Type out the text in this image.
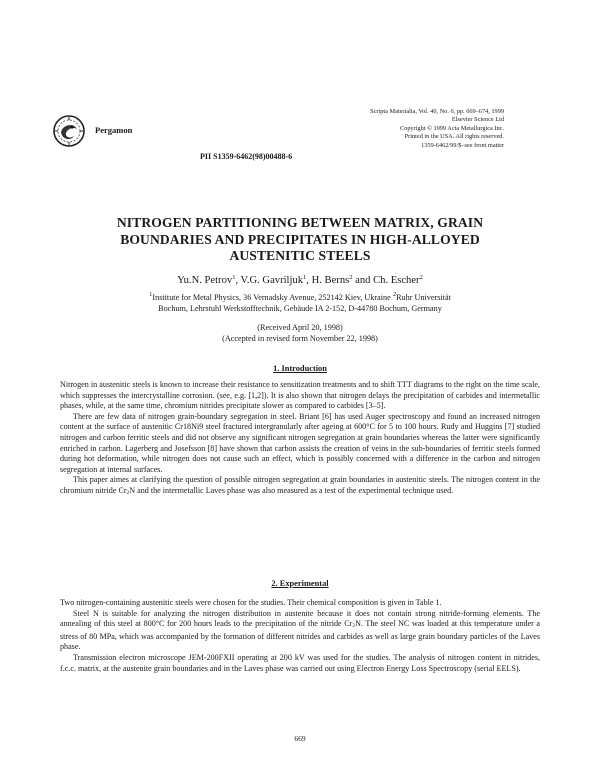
Pergamon
Scripta Materialia, Vol. 40, No. 6, pp. 669–674, 1999
Elsevier Science Ltd
Copyright © 1999 Acta Metallurgica Inc.
Printed in the USA. All rights reserved.
1359-6462/99/$–see front matter
PII S1359-6462(98)00488-6
NITROGEN PARTITIONING BETWEEN MATRIX, GRAIN
BOUNDARIES AND PRECIPITATES IN HIGH-ALLOYED
AUSTENITIC STEELS
Yu.N. Petrov$^1$, V.G. Gavriljuk$^1$, H. Berns$^2$ and Ch. Escher$^2$
$^1$Institute for Metal Physics, 36 Vernadsky Avenue, 252142 Kiev, Ukraine $^2$Ruhr Universität
Bochum, Lehrstuhl Werkstofftechnik, Gebäude IA 2-152, D-44780 Bochum, Germany
(Received April 20, 1998)
(Accepted in revised form November 22, 1998)
1. Introduction

Nitrogen in austenitic steels is known to increase their resistance to sensitization treatments and to shift TTT diagrams to the right on the time scale, which suppresses the intercrystalline corrosion. (see, e.g. [1,2]). It is also shown that nitrogen delays the precipitation of carbides and intermetallic phases, while, at the same time, chromium nitrides precipitate slower as compared to carbides [3–5].

There are few data of nitrogen grain-boundary segregation in steel. Briant [6] has used Auger spectroscopy and found an increased nitrogen content at the surface of austenitic Cr18Ni9 steel fractured intergranularly after ageing at 600°C for 5 to 100 hours. Rudy and Huggins [7] studied nitrogen and carbon ferritic steels and did not observe any significant nitrogen segregation at grain boundaries whereas the latter were significantly enriched in carbon. Lagerberg and Josefsson [8] have shown that carbon assists the creation of veins in the sub-boundaries of ferritic steels formed during hot deformation, while nitrogen does not cause such an effect, which is possibly concerned with a difference in the carbon and nitrogen segregation at internal surfaces.

This paper aimes at clarifying the question of possible nitrogen segregation at grain boundaries in austenitic steels. The nitrogen content in the chromium nitride $Cr_2N$ and the intermetallic Laves phase was also measured as a test of the experimental technique used.

2. Experimental

Two nitrogen-containing austenitic steels were chosen for the studies. Their chemical composition is given in Table 1.

Steel N is suitable for analyzing the nitrogen distribution in austenite because it does not contain strong nitride-forming elements. The annealing of this steel at 800°C for 200 hours leads to the precipitation of the nitride $Cr_2N$. The steel NC was loaded at this temperature under a stress of 80 MPa, which was accompanied by the formation of different nitrides and carbides as well as large grain boundary particles of the Laves phase.

Transmission electron microscope JEM-200FXII operating at 200 kV was used for the studies. The analysis of nitrogen content in nitrides, f.c.c. matrix, at the austenite grain boundaries and in the Laves phase was carried out using Electron Energy Loss Spectroscopy (serial EELS).

669
